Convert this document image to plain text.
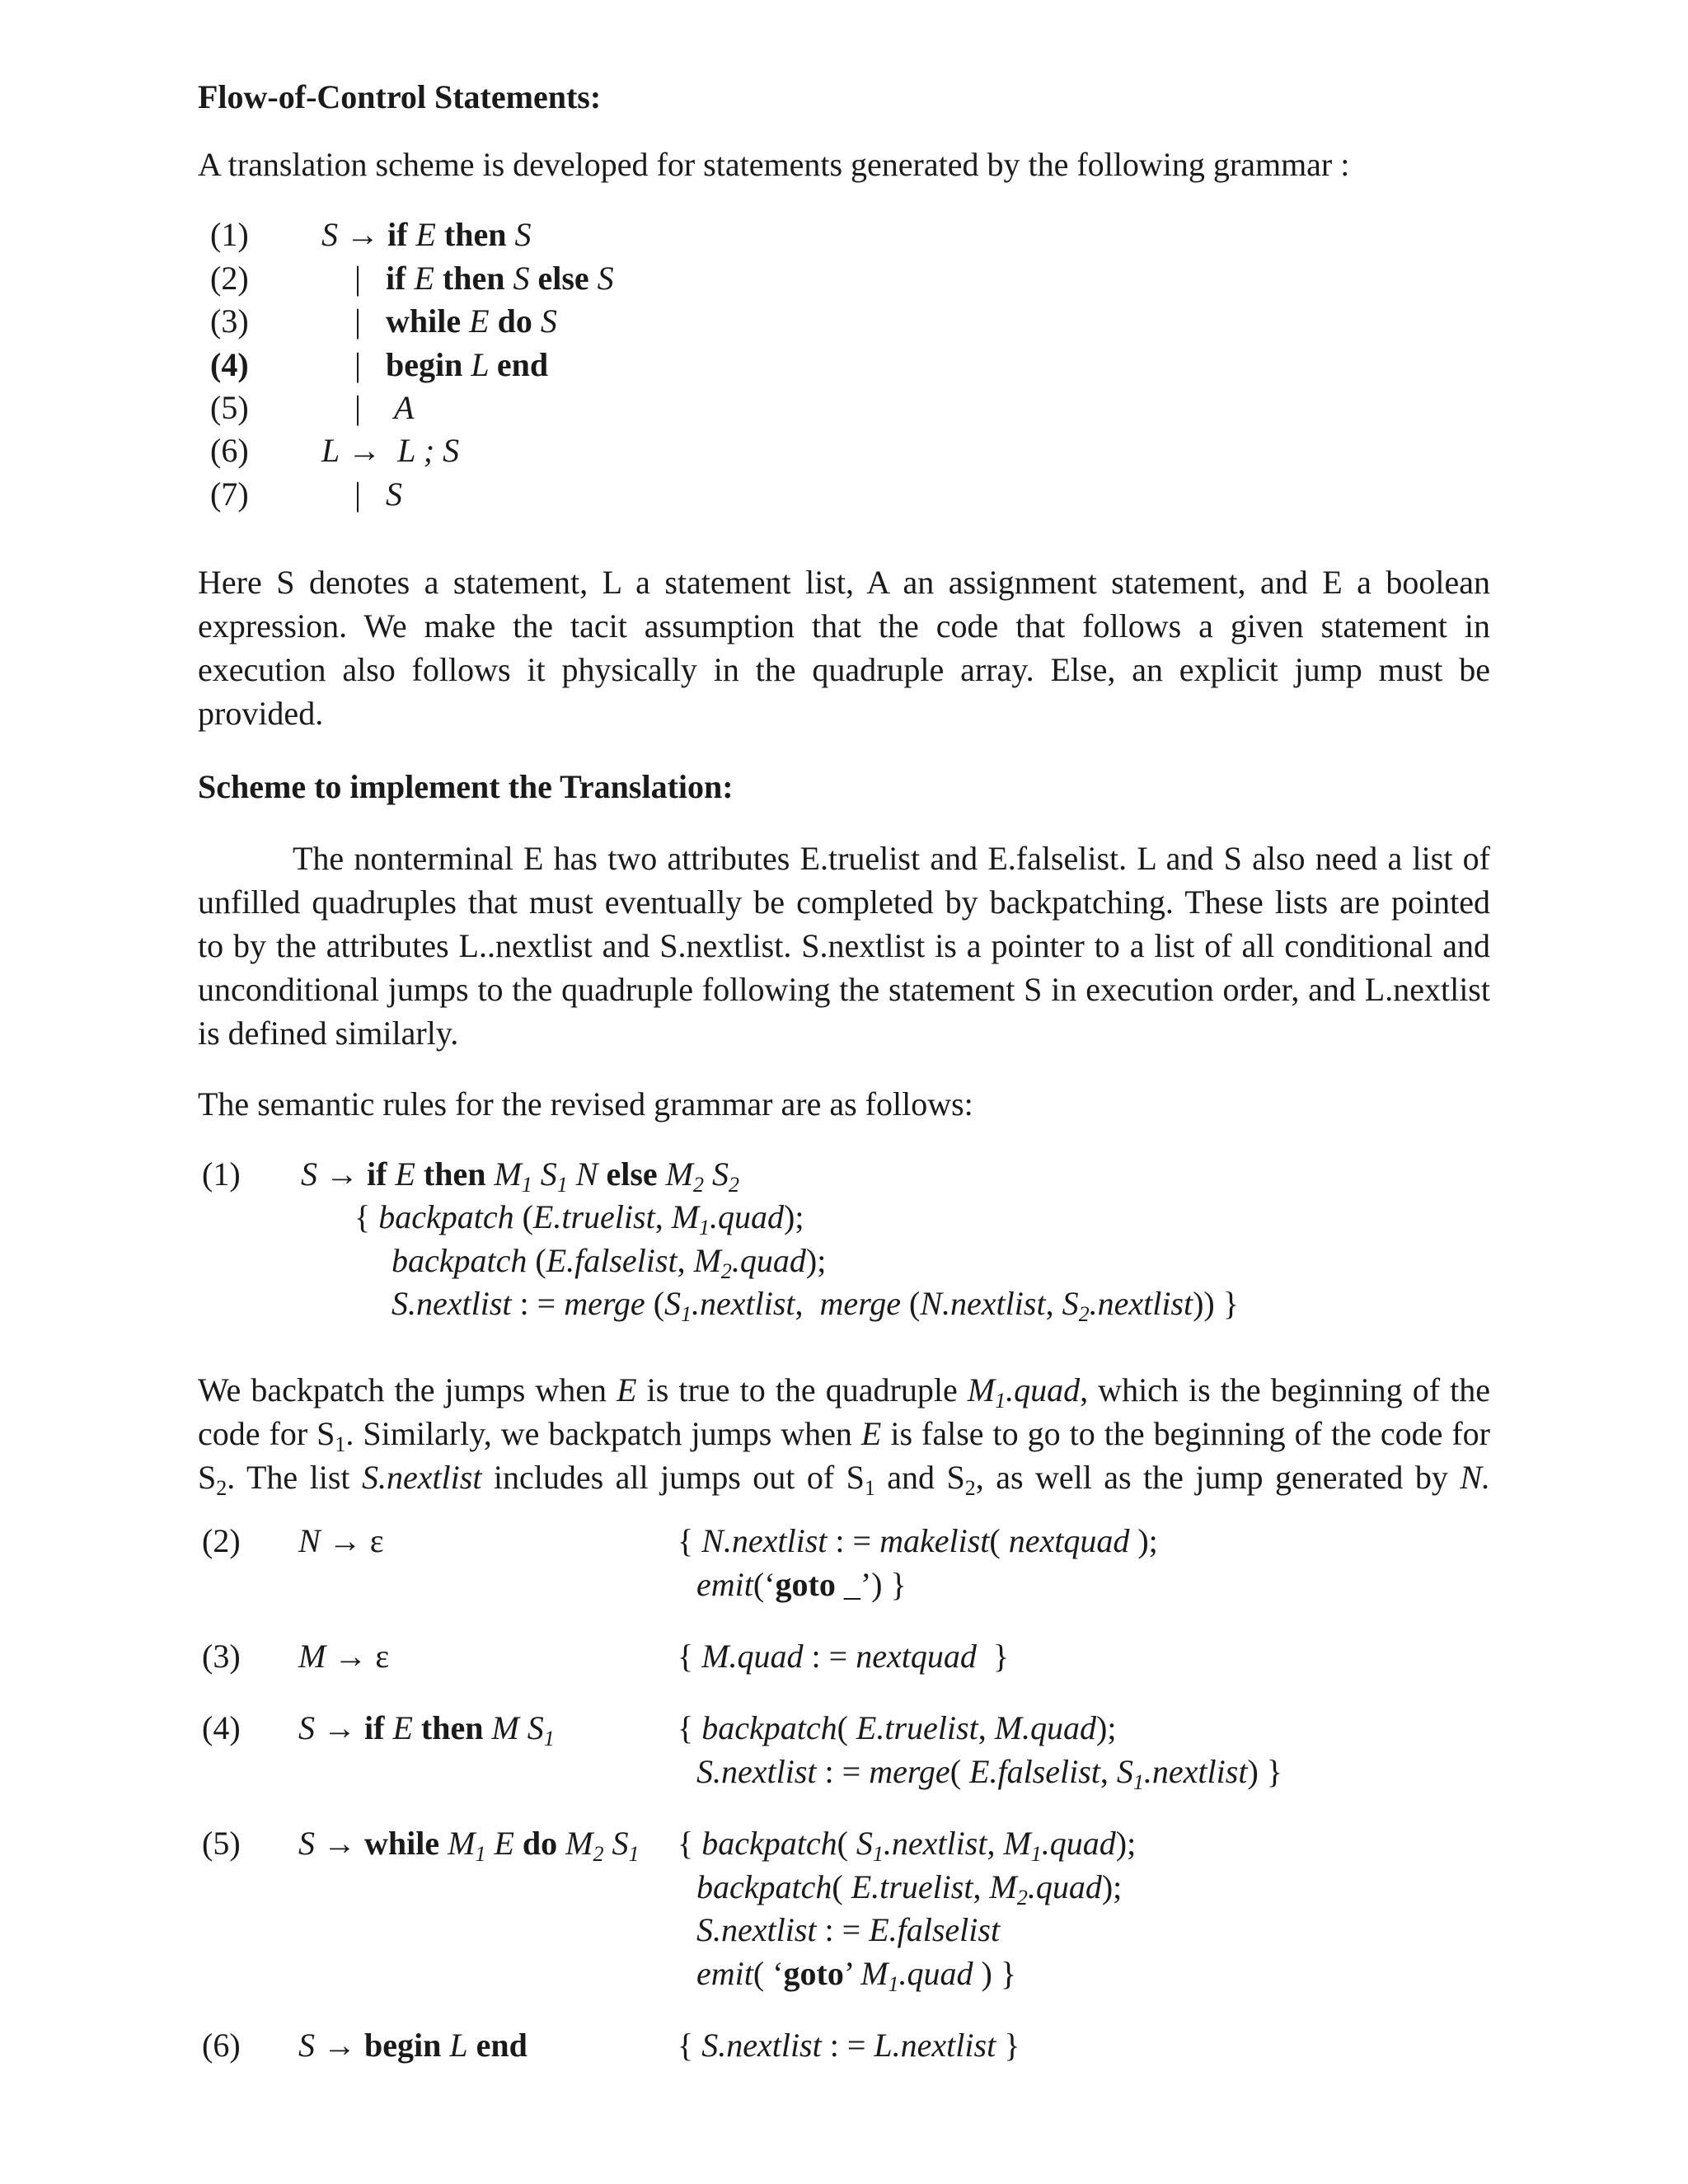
Flow-of-Control Statements:
A translation scheme is developed for statements generated by the following grammar :
(1) S → if E then S
(2)	|   if E then S else S
(3)	|   while E do S
(4)	|   begin L end
(5)	|    A
(6) L →  L ; S
(7)	|   S
Here S denotes a statement, L a statement list, A an assignment statement, and E a boolean
expression. We make the tacit assumption that the code that follows a given statement in
execution also follows it physically in the quadruple array. Else, an explicit jump must be
provided.
Scheme to implement the Translation:
The nonterminal E has two attributes E.truelist and E.falselist. L and S also need a list of
unfilled quadruples that must eventually be completed by backpatching. These lists are pointed
to by the attributes L..nextlist and S.nextlist. S.nextlist is a pointer to a list of all conditional and
unconditional jumps to the quadruple following the statement S in execution order, and L.nextlist
is defined similarly.
The semantic rules for the revised grammar are as follows:
(1) S → if E then $M_1$ $S_1$ N else $M_2$ $S_2$
{ backpatch (E.truelist, $M_1.quad$);
backpatch (E.falselist, $M_2.quad$);
S.nextlist : = merge ($S_1.nextlist$,  merge (N.nextlist, $S_2.nextlist$)) }
We backpatch the jumps when E is true to the quadruple $M_1.quad$, which is the beginning of the
code for $S_1$. Similarly, we backpatch jumps when E is false to go to the beginning of the code for
$S_2$. The list S.nextlist includes all jumps out of $S_1$ and $S_2$, as well as the jump generated by N.
(2) N → ε	{ N.nextlist : = makelist( nextquad );
emit(‘goto _’) }
(3) M → ε	{ M.quad : = nextquad  }
(4) S → if E then M $S_1$	{ backpatch( E.truelist, M.quad);
S.nextlist : = merge( E.falselist, $S_1.nextlist$) }
(5) S → while $M_1$ E do $M_2$ $S_1$ { backpatch( $S_1.nextlist$, $M_1.quad$);
backpatch( E.truelist, $M_2.quad$);
S.nextlist : = E.falselist
emit( ‘goto’ $M_1.quad$ ) }
(6) S → begin L end	{ S.nextlist : = L.nextlist }
